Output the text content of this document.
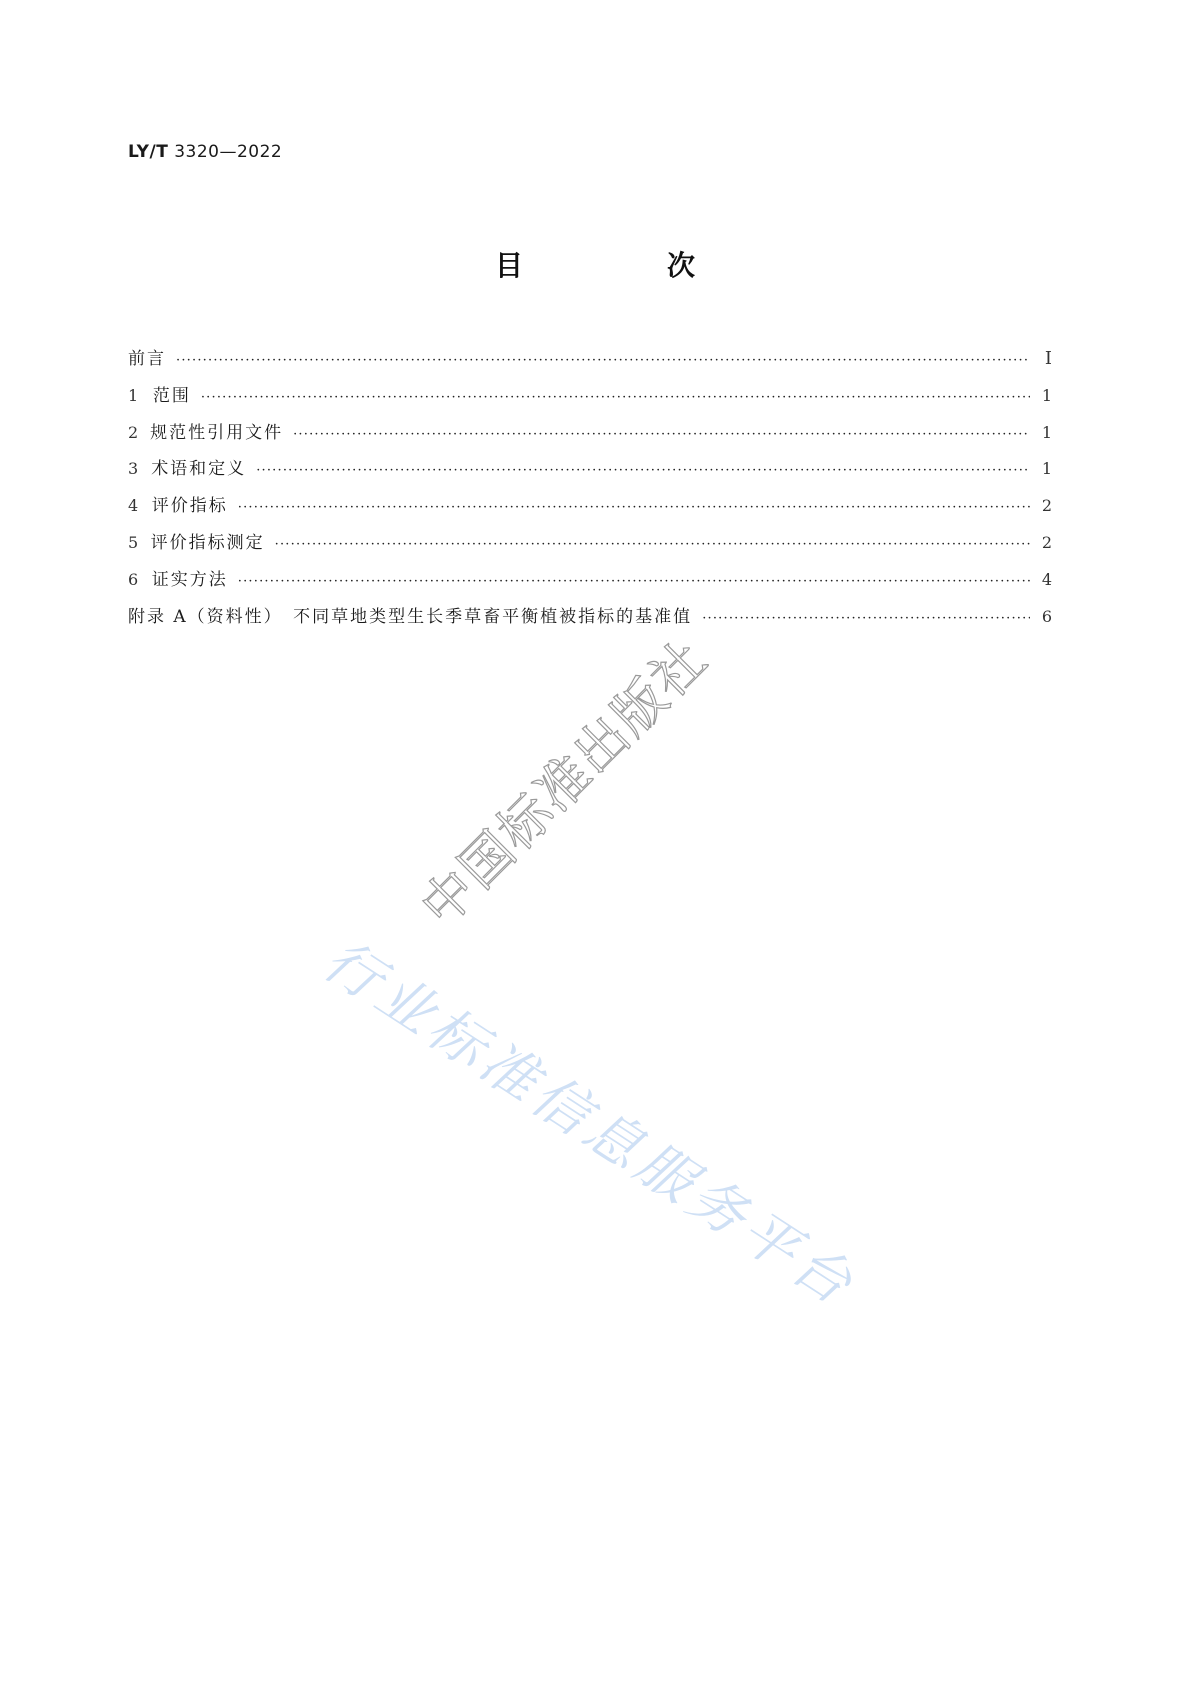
LY/T 3320—2022
目　次
前言 ·····	Ⅰ
1 范围 ·····	1
2 规范性引用文件 ·····	1
3 术语和定义 ·····	1
4 评价指标 ·····	2
5 评价指标测定 ·····	2
6 证实方法 ·····	4
附录 A（资料性）　不同草地类型生长季草畜平衡植被指标的基准值 ·····	6
中国标准出版社
行业标准信息服务平台
